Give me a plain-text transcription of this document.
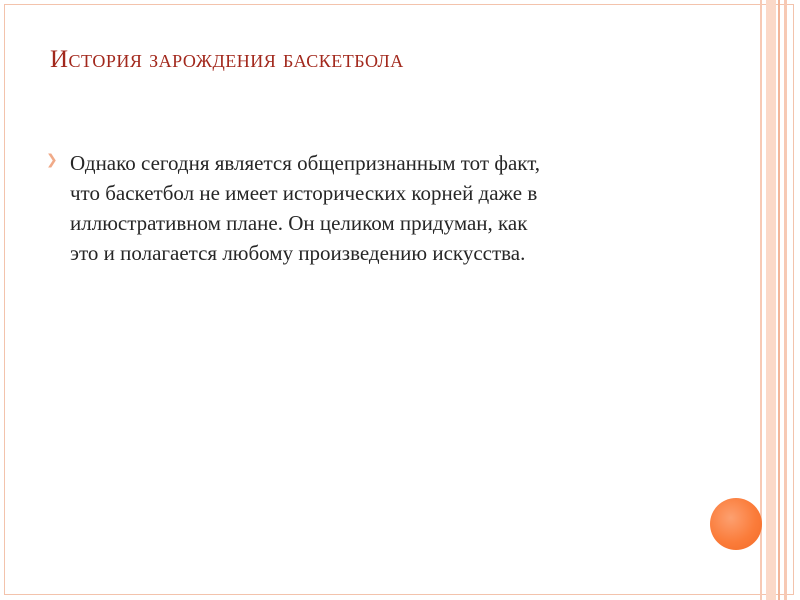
История зарождения баскетбола
❯ Однако сегодня является общепризнанным тот факт,
что баскетбол не имеет исторических корней даже в
иллюстративном плане. Он целиком придуман, как
это и полагается любому произведению искусства.
